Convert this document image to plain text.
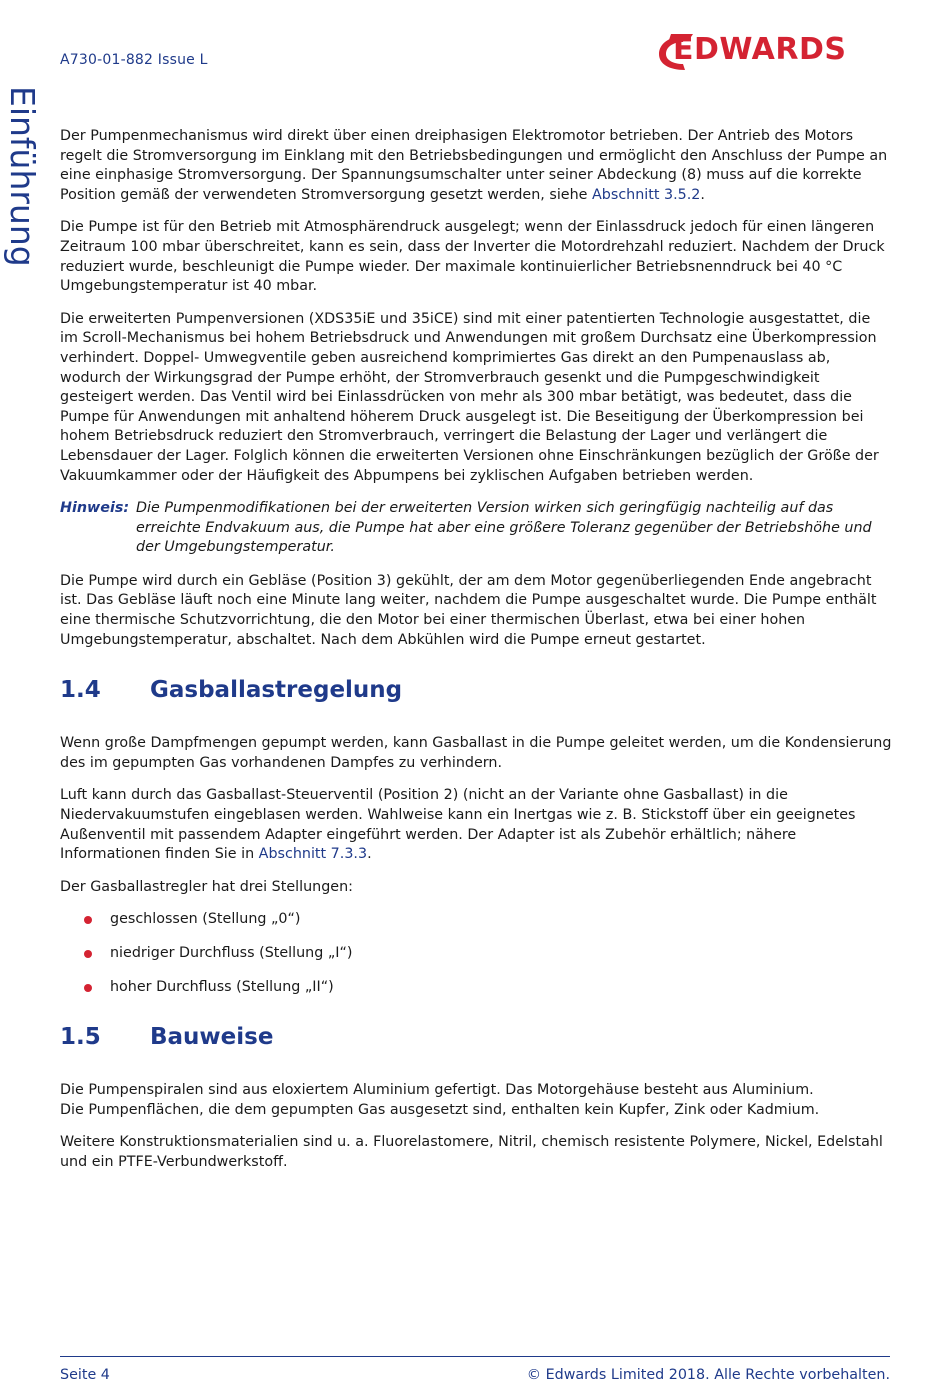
A730-01-882 Issue L	EDWARDS
Einführung Der Pumpenmechanismus wird direkt über einen dreiphasigen Elektromotor betrieben. Der Antrieb des Motors regelt die Stromversorgung im Einklang mit den Betriebsbedingungen und ermöglicht den Anschluss der Pumpe an eine einphasige Stromversorgung. Der Spannungsumschalter unter seiner Abdeckung (8) muss auf die korrekte Position gemäß der verwendeten Stromversorgung gesetzt werden, siehe Abschnitt 3.5.2.

Die Pumpe ist für den Betrieb mit Atmosphärendruck ausgelegt; wenn der Einlassdruck jedoch für einen längeren Zeitraum 100 mbar überschreitet, kann es sein, dass der Inverter die Motordrehzahl reduziert. Nachdem der Druck reduziert wurde, beschleunigt die Pumpe wieder. Der maximale kontinuierlicher Betriebsnenndruck bei 40 °C Umgebungstemperatur ist 40 mbar.

Die erweiterten Pumpenversionen (XDS35iE und 35iCE) sind mit einer patentierten Technologie ausgestattet, die im Scroll-Mechanismus bei hohem Betriebsdruck und Anwendungen mit großem Durchsatz eine Überkompression verhindert. Doppel- Umwegventile geben ausreichend komprimiertes Gas direkt an den Pumpenauslass ab, wodurch der Wirkungsgrad der Pumpe erhöht, der Stromverbrauch gesenkt und die Pumpgeschwindigkeit gesteigert werden. Das Ventil wird bei Einlassdrücken von mehr als 300 mbar betätigt, was bedeutet, dass die Pumpe für Anwendungen mit anhaltend höherem Druck ausgelegt ist. Die Beseitigung der Überkompression bei hohem Betriebsdruck reduziert den Stromverbrauch, verringert die Belastung der Lager und verlängert die Lebensdauer der Lager. Folglich können die erweiterten Versionen ohne Einschränkungen bezüglich der Größe der Vakuumkammer oder der Häufigkeit des Abpumpens bei zyklischen Aufgaben betrieben werden.

Hinweis: Die Pumpenmodifikationen bei der erweiterten Version wirken sich geringfügig nachteilig auf das erreichte Endvakuum aus, die Pumpe hat aber eine größere Toleranz gegenüber der Betriebshöhe und der Umgebungstemperatur.

Die Pumpe wird durch ein Gebläse (Position 3) gekühlt, der am dem Motor gegenüberliegenden Ende angebracht ist. Das Gebläse läuft noch eine Minute lang weiter, nachdem die Pumpe ausgeschaltet wurde. Die Pumpe enthält eine thermische Schutzvorrichtung, die den Motor bei einer thermischen Überlast, etwa bei einer hohen Umgebungstemperatur, abschaltet. Nach dem Abkühlen wird die Pumpe erneut gestartet.

1.4	Gasballastregelung

Wenn große Dampfmengen gepumpt werden, kann Gasballast in die Pumpe geleitet werden, um die Kondensierung des im gepumpten Gas vorhandenen Dampfes zu verhindern.

Luft kann durch das Gasballast-Steuerventil (Position 2) (nicht an der Variante ohne Gasballast) in die Niedervakuumstufen eingeblasen werden. Wahlweise kann ein Inertgas wie z. B. Stickstoff über ein geeignetes Außenventil mit passendem Adapter eingeführt werden. Der Adapter ist als Zubehör erhältlich; nähere Informationen finden Sie in Abschnitt 7.3.3.

Der Gasballastregler hat drei Stellungen:

geschlossen (Stellung „0“)
niedriger Durchfluss (Stellung „I“)
hoher Durchfluss (Stellung „II“)
1.5	Bauweise

Die Pumpenspiralen sind aus eloxiertem Aluminium gefertigt. Das Motorgehäuse besteht aus Aluminium.
Die Pumpenflächen, die dem gepumpten Gas ausgesetzt sind, enthalten kein Kupfer, Zink oder Kadmium.

Weitere Konstruktionsmaterialien sind u. a. Fluorelastomere, Nitril, chemisch resistente Polymere, Nickel, Edelstahl und ein PTFE-Verbundwerkstoff.

Seite 4	© Edwards Limited 2018. Alle Rechte vorbehalten.
